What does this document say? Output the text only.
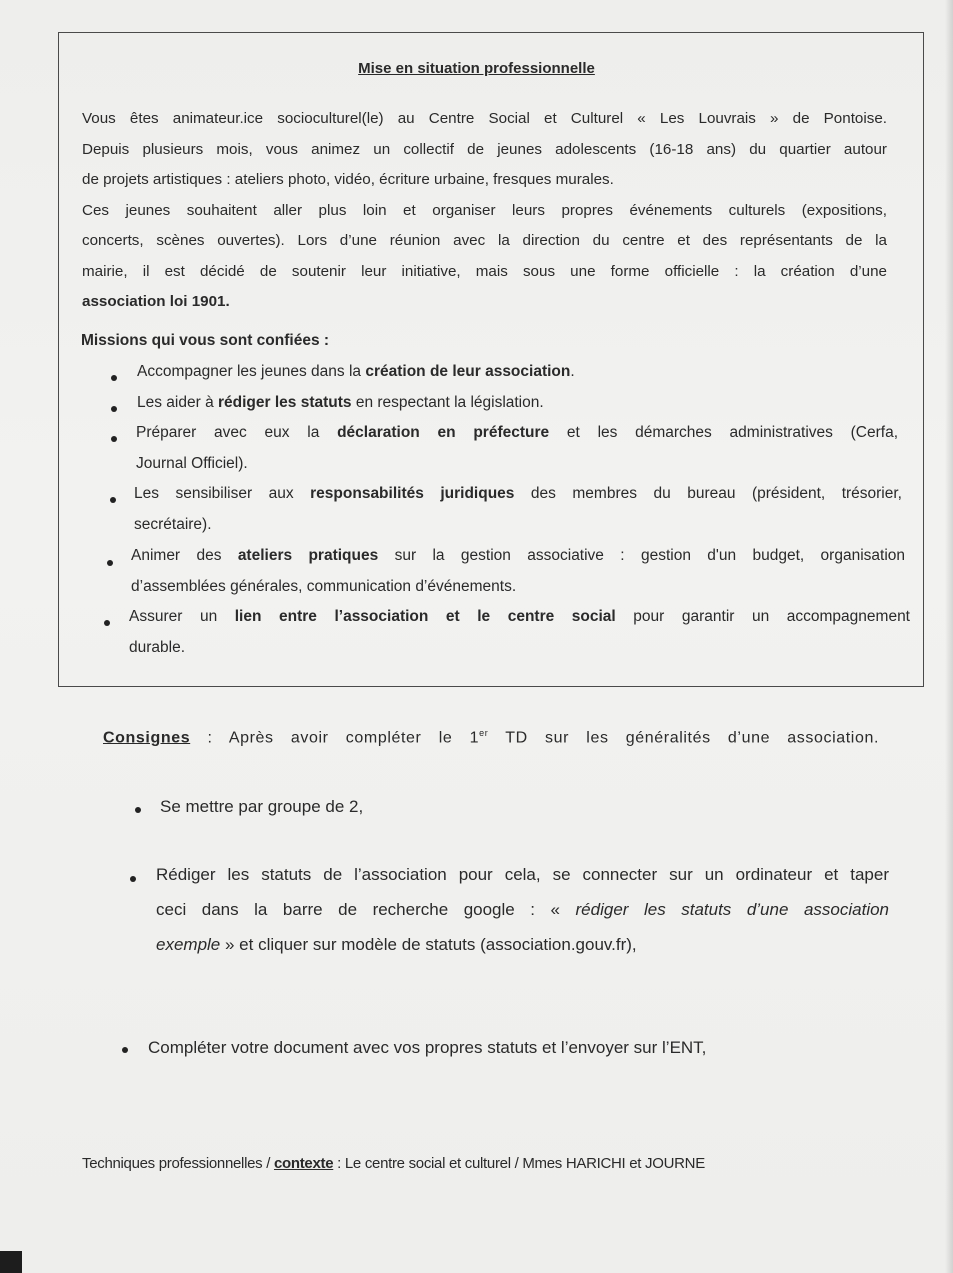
Mise en situation professionnelle
Vous êtes animateur.ice socioculturel(le) au Centre Social et Culturel « Les Louvrais » de Pontoise.
Depuis plusieurs mois, vous animez un collectif de jeunes adolescents (16-18 ans) du quartier autour
de projets artistiques : ateliers photo, vidéo, écriture urbaine, fresques murales.
Ces jeunes souhaitent aller plus loin et organiser leurs propres événements culturels (expositions,
concerts, scènes ouvertes). Lors d’une réunion avec la direction du centre et des représentants de la
mairie, il est décidé de soutenir leur initiative, mais sous une forme officielle : la création d’une
association loi 1901.
Missions qui vous sont confiées :
Accompagner les jeunes dans la création de leur association.
Les aider à rédiger les statuts en respectant la législation.
Préparer avec eux la déclaration en préfecture et les démarches administratives (Cerfa,
Journal Officiel).
Les sensibiliser aux responsabilités juridiques des membres du bureau (président, trésorier,
secrétaire).
Animer des ateliers pratiques sur la gestion associative : gestion d'un budget, organisation
d’assemblées générales, communication d’événements.
Assurer un lien entre l’association et le centre social pour garantir un accompagnement
durable.
Consignes : Après avoir compléter le 1er TD sur les généralités d’une association.
Se mettre par groupe de 2,
Rédiger les statuts de l’association pour cela, se connecter sur un ordinateur et taper
ceci dans la barre de recherche google : « rédiger les statuts d’une association
exemple » et cliquer sur modèle de statuts (association.gouv.fr),
Compléter votre document avec vos propres statuts et l’envoyer sur l’ENT,
Techniques professionnelles / contexte : Le centre social et culturel / Mmes HARICHI et JOURNE
